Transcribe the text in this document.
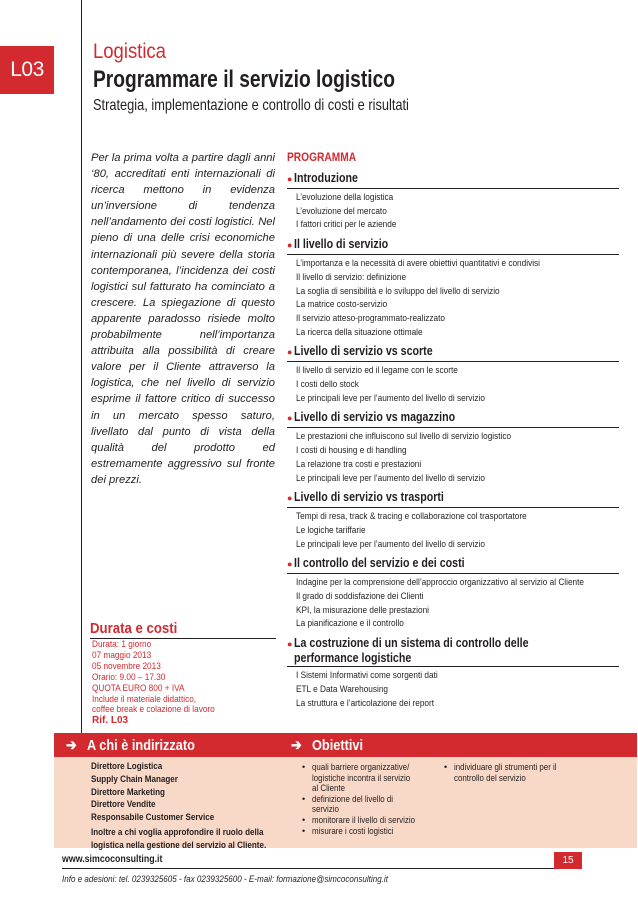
L03
Logistica
Programmare il servizio logistico
Strategia, implementazione e controllo di costi e risultati
Per la prima volta a partire dagli anni ‘80, accreditati enti internazionali di ricerca mettono in evidenza un’inversione di tendenza nell’andamento dei costi logistici. Nel pieno di una delle crisi economiche internazionali più severe della storia contemporanea, l’incidenza dei costi logistici sul fatturato ha cominciato a crescere. La spiegazione di questo apparente paradosso risiede molto probabilmente nell’importanza attribuita alla possibilità di creare valore per il Cliente attraverso la logistica, che nel livello di servizio esprime il fattore critico di successo in un mercato spesso saturo, livellato dal punto di vista della qualità del prodotto ed estremamente aggressivo sul fronte dei prezzi.
PROGRAMMA
● Introduzione
L’evoluzione della logistica
L’evoluzione del mercato
I fattori critici per le aziende
● Il livello di servizio
L’importanza e la necessità di avere obiettivi quantitativi e condivisi
Il livello di servizio: definizione
La soglia di sensibilità e lo sviluppo del livello di servizio
La matrice costo-servizio
Il servizio atteso-programmato-realizzato
La ricerca della situazione ottimale
● Livello di servizio vs scorte
Il livello di servizio ed il legame con le scorte
I costi dello stock
Le principali leve per l’aumento del livello di servizio
● Livello di servizio vs magazzino
Le prestazioni che influiscono sul livello di servizio logistico
I costi di housing e di handling
La relazione tra costi e prestazioni
Le principali leve per l’aumento del livello di servizio
● Livello di servizio vs trasporti
Tempi di resa, track & tracing e collaborazione col trasportatore
Le logiche tariffarie
Le principali leve per l’aumento del livello di servizio
● Il controllo del servizio e dei costi
Indagine per la comprensione dell’approccio organizzativo al servizio al Cliente
Il grado di soddisfazione dei Clienti
KPI, la misurazione delle prestazioni
La pianificazione e il controllo
● La costruzione di un sistema di controllo delle performance logistiche
I Sistemi Informativi come sorgenti dati
ETL e Data Warehousing
La struttura e l’articolazione dei report
Durata e costi
Durata: 1 giorno
07 maggio 2013
05 novembre 2013
Orario: 9.00 – 17.30
QUOTA EURO 800 + IVA
Include il materiale didattico,
coffee break e colazione di lavoro
Rif. L03
➔ A chi è indirizzato	➔ Obiettivi
Direttore Logistica
Supply Chain Manager
Direttore Marketing
Direttore Vendite
Responsabile Customer Service
Inoltre a chi voglia approfondire il ruolo della
logistica nella gestione del servizio al Cliente.
• quali barriere organizzative/ logistiche incontra il servizio al Cliente
• definizione del livello di servizio
• monitorare il livello di servizio
• misurare i costi logistici
• individuare gli strumenti per il controllo del servizio
www.simcoconsulting.it
Info e adesioni: tel. 0239325605 - fax 0239325600 - E-mail: formazione@simcoconsulting.it
15
